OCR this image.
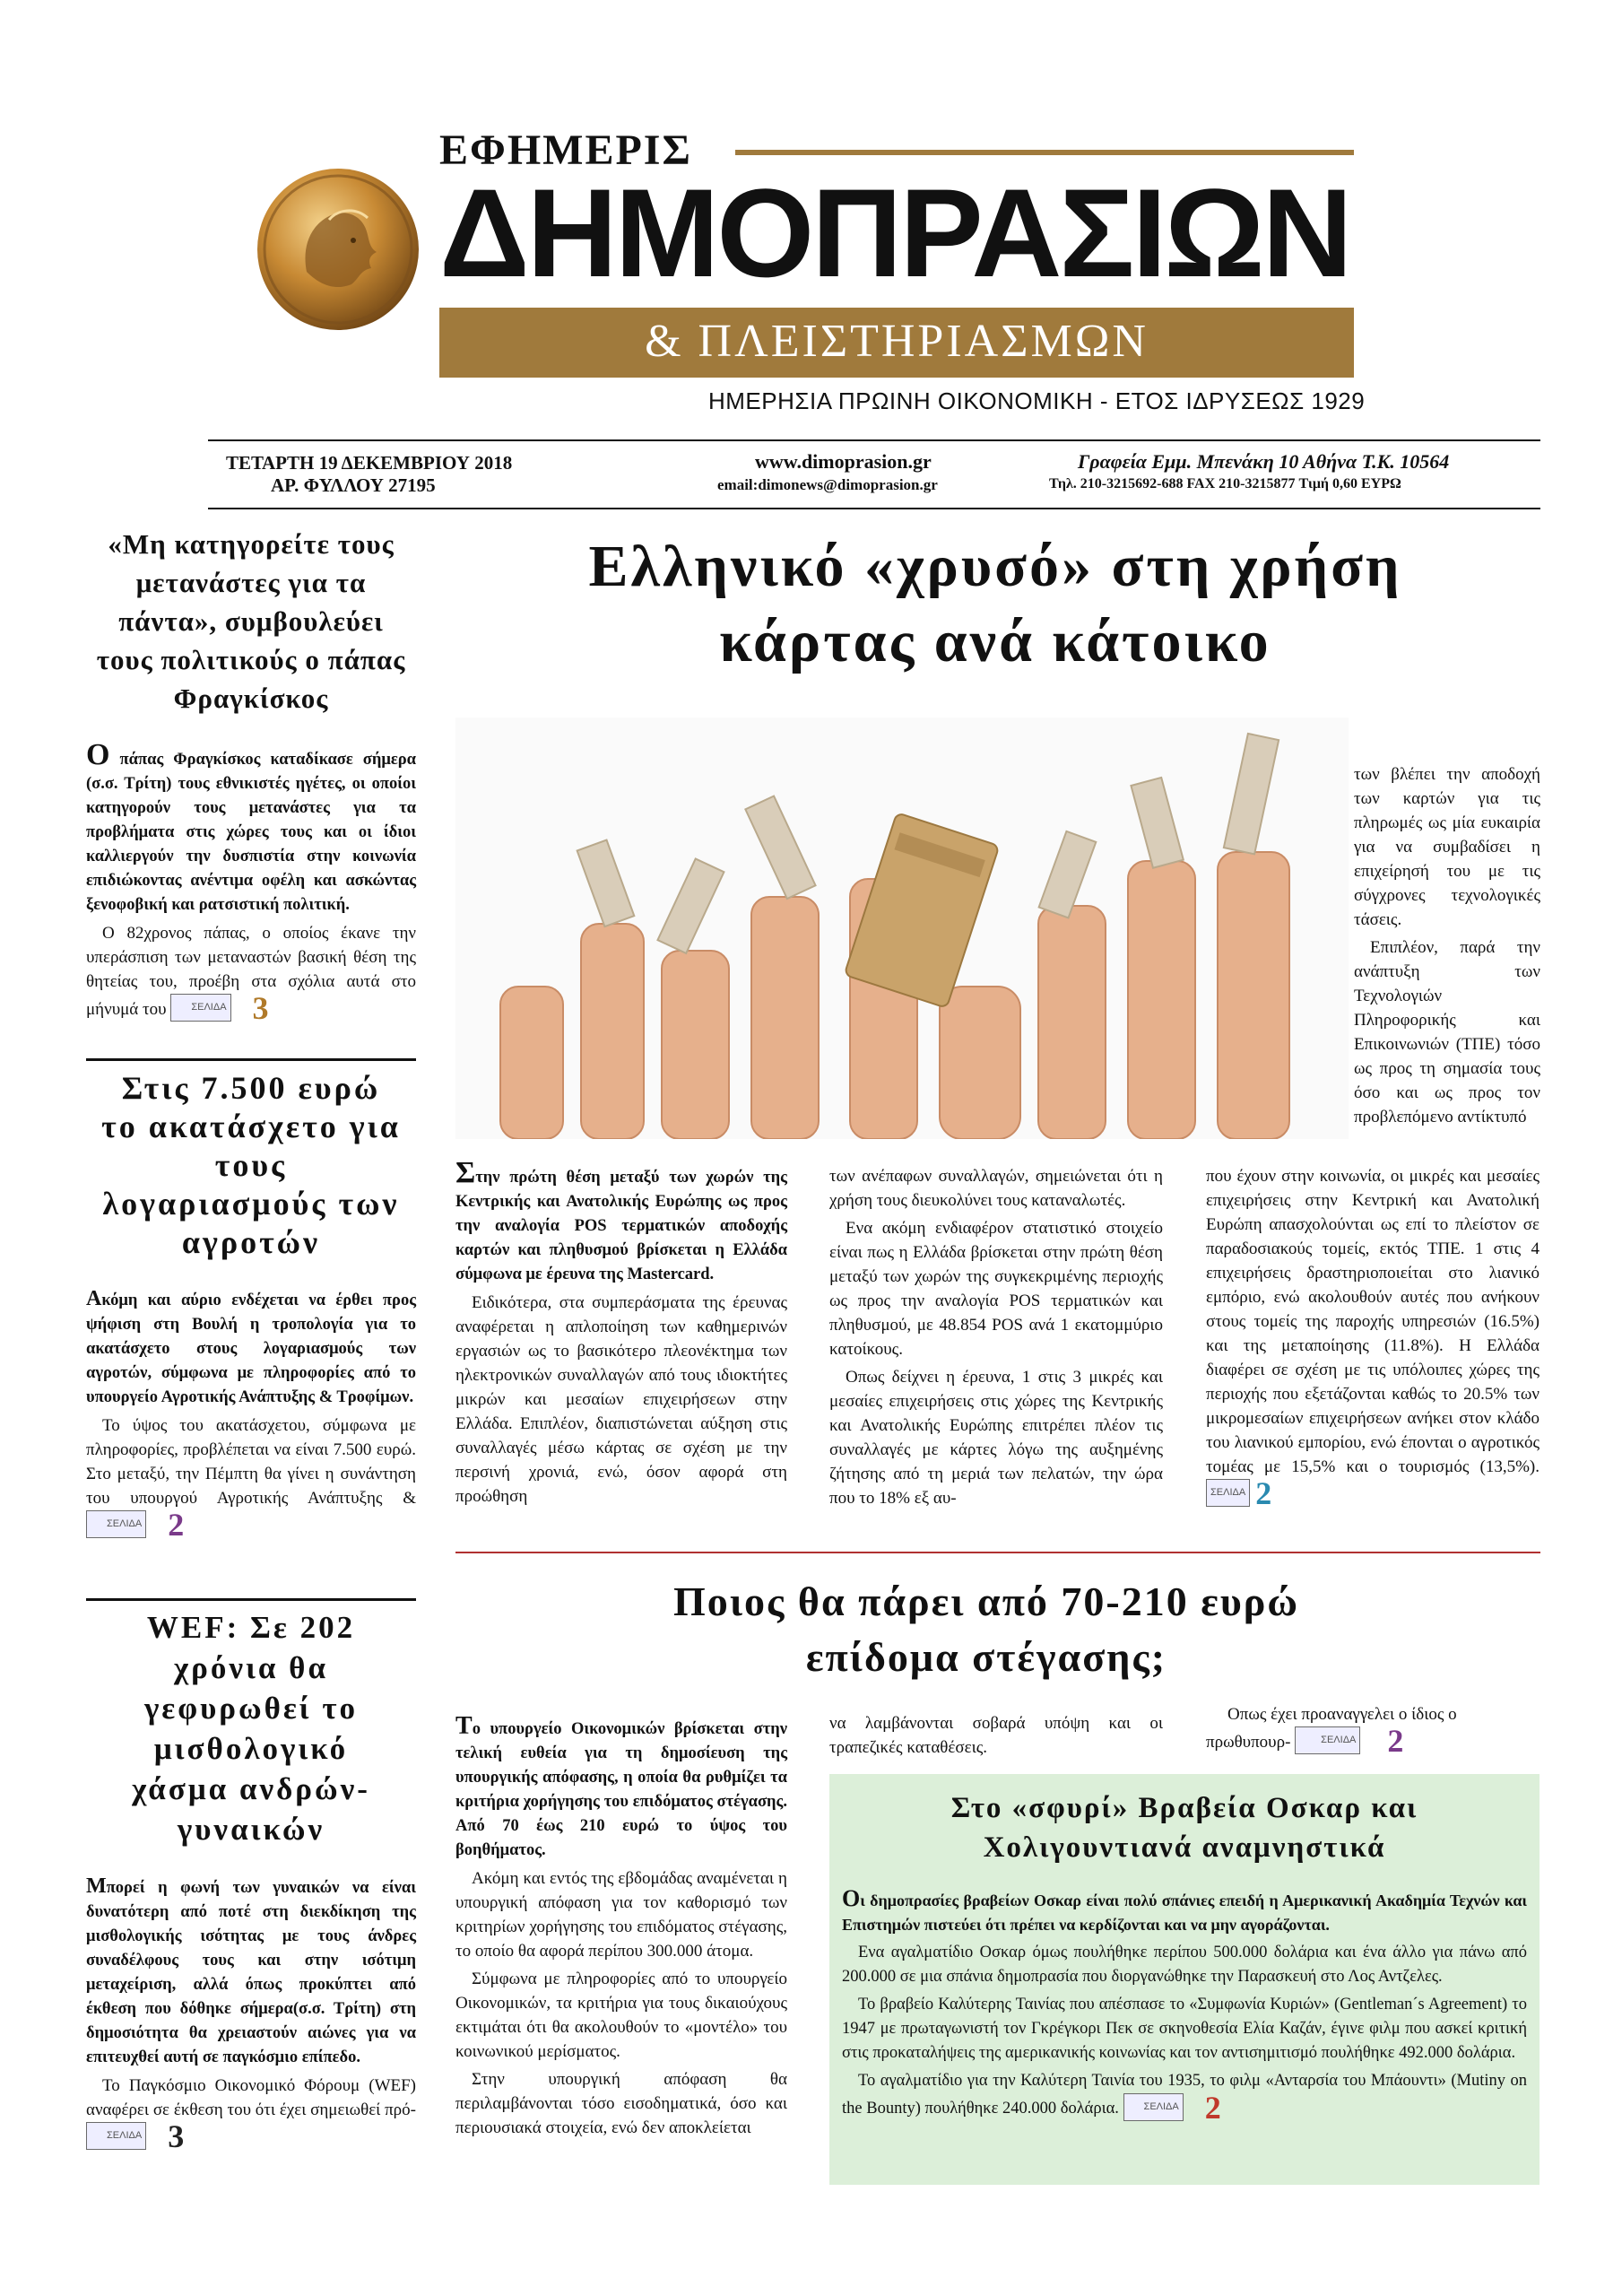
ΕΦΗΜΕΡΙΣ
ΔΗΜΟΠΡΑΣΙΩΝ
& ΠΛΕΙΣΤΗΡΙΑΣΜΩΝ
ΗΜΕΡΗΣΙΑ ΠΡΩΙΝΗ ΟΙΚΟΝΟΜΙΚΗ - ΕΤΟΣ ΙΔΡΥΣΕΩΣ 1929
ΤΕΤΑΡΤΗ 19 ΔΕΚΕΜΒΡΙΟΥ 2018
ΑΡ. ΦΥΛΛΟΥ 27195
www.dimoprasion.gr
email:dimonews@dimoprasion.gr
Γραφεία Εμμ. Μπενάκη 10 Αθήνα Τ.Κ. 10564
Τηλ. 210-3215692-688 FAX 210-3215877 Τιμή 0,60 ΕΥΡΩ
«Μη κατηγορείτε τους μετανάστες για τα πάντα», συμβουλεύει τους πολιτικούς ο πάπας Φραγκίσκος
Ο πάπας Φραγκίσκος καταδίκασε σήμερα (σ.σ. Τρίτη) τους εθνικιστές ηγέτες, οι οποίοι κατηγορούν τους μετανάστες για τα προβλήματα στις χώρες τους και οι ίδιοι καλλιεργούν την δυσπιστία στην κοινωνία επιδιώκοντας ανέντιμα οφέλη και ασκώντας ξενοφοβική και ρατσιστική πολιτική.

Ο 82χρονος πάπας, ο οποίος έκανε την υπεράσπιση των μεταναστών βασική θέση της θητείας του, προέβη στα σχόλια αυτά στο μήνυμά του	ΣΕΛΙΔΑ 3

Στις 7.500 ευρώ το ακατάσχετο για τους λογαριασμούς των αγροτών
Ακόμη και αύριο ενδέχεται να έρθει προς ψήφιση στη Βουλή η τροπολογία για το ακατάσχετο στους λογαριασμούς των αγροτών, σύμφωνα με πληροφορίες από το υπουργείο Αγροτικής Ανάπτυξης & Τροφίμων.

Το ύψος του ακατάσχετου, σύμφωνα με πληροφορίες, προβλέπεται να είναι 7.500 ευρώ. Στο μεταξύ, την Πέμπτη θα γίνει η συνάντηση του υπουργού Αγροτικής Ανάπτυξης &
ΣΕΛΙΔΑ 2

WEF: Σε 202 χρόνια θα γεφυρωθεί το μισθολογικό χάσμα ανδρών-γυναικών
Μπορεί η φωνή των γυναικών να είναι δυνατότερη από ποτέ στη διεκδίκηση της μισθολογικής ισότητας με τους άνδρες συναδέλφους τους και στην ισότιμη μεταχείριση, αλλά όπως προκύπτει από έκθεση που δόθηκε σήμερα(σ.σ. Τρίτη) στη δημοσιότητα θα χρειαστούν αιώνες για να επιτευχθεί αυτή σε παγκόσμιο επίπεδο.

Το Παγκόσμιο Οικονομικό Φόρουμ (WEF) αναφέρει σε έκθεση του ότι έχει σημειωθεί πρό-
ΣΕΛΙΔΑ 3

Ελληνικό «χρυσό» στη χρήση
κάρτας ανά κάτοικο

των βλέπει την αποδοχή των καρτών για τις πληρωμές ως μία ευκαιρία για να συμβαδίσει η επιχείρησή του με τις σύγχρονες τεχνολογικές τάσεις.

Επιπλέον, παρά την ανάπτυξη των Τεχνολογιών Πληροφορικής και Επικοινωνιών (ΤΠΕ) τόσο ως προς τη σημασία τους όσο και ως προς τον προβλεπόμενο αντίκτυπό

Στην πρώτη θέση μεταξύ των χωρών της Κεντρικής και Ανατολικής Ευρώπης ως προς την αναλογία POS τερματικών αποδοχής καρτών και πληθυσμού βρίσκεται η Ελλάδα σύμφωνα με έρευνα της Mastercard.

Ειδικότερα, στα συμπεράσματα της έρευνας αναφέρεται η απλοποίηση των καθημερινών εργασιών ως το βασικότερο πλεονέκτημα των ηλεκτρονικών συναλλαγών από τους ιδιοκτήτες μικρών και μεσαίων επιχειρήσεων στην Ελλάδα. Επιπλέον, διαπιστώνεται αύξηση στις συναλλαγές μέσω κάρτας σε σχέση με την περσινή χρονιά, ενώ, όσον αφορά στη προώθηση

των ανέπαφων συναλλαγών, σημειώνεται ότι η χρήση τους διευκολύνει τους καταναλωτές.

Ενα ακόμη ενδιαφέρον στατιστικό στοιχείο είναι πως η Ελλάδα βρίσκεται στην πρώτη θέση μεταξύ των χωρών της συγκεκριμένης περιοχής ως προς την αναλογία POS τερματικών και πληθυσμού, με 48.854 POS ανά 1 εκατομμύριο κατοίκους.

Οπως δείχνει η έρευνα, 1 στις 3 μικρές και μεσαίες επιχειρήσεις στις χώρες της Κεντρικής και Ανατολικής Ευρώπης επιτρέπει πλέον τις συναλλαγές με κάρτες λόγω της αυξημένης ζήτησης από τη μεριά των πελατών, την ώρα που το 18% εξ αυ-

που έχουν στην κοινωνία, οι μικρές και μεσαίες επιχειρήσεις στην Κεντρική και Ανατολική Ευρώπη απασχολούνται ως επί το πλείστον σε παραδοσιακούς τομείς, εκτός ΤΠΕ. 1 στις 4 επιχειρήσεις δραστηριοποιείται στο λιανικό εμπόριο, ενώ ακολουθούν αυτές που ανήκουν στους τομείς της παροχής υπηρεσιών (16.5%) και της μεταποίησης (11.8%). Η Ελλάδα διαφέρει σε σχέση με τις υπόλοιπες χώρες της περιοχής που εξετάζονται καθώς το 20.5% των μικρομεσαίων επιχειρήσεων ανήκει στον κλάδο του λιανικού εμπορίου, ενώ έπονται ο αγροτικός τομέας με 15,5% και ο τουρισμός (13,5%).
ΣΕΛΙΔΑ 2

Ποιος θα πάρει από 70-210 ευρώ
επίδομα στέγασης;
Το υπουργείο Οικονομικών βρίσκεται στην τελική ευθεία για τη δημοσίευση της υπουργικής απόφασης, η οποία θα ρυθμίζει τα κριτήρια χορήγησης του επιδόματος στέγασης. Από 70 έως 210 ευρώ το ύψος του βοηθήματος.

Ακόμη και εντός της εβδομάδας αναμένεται η υπουργική απόφαση για τον καθορισμό των κριτηρίων χορήγησης του επιδόματος στέγασης, το οποίο θα αφορά περίπου 300.000 άτομα.

Σύμφωνα με πληροφορίες από το υπουργείο Οικονομικών, τα κριτήρια για τους δικαιούχους εκτιμάται ότι θα ακολουθούν το «μοντέλο» του κοινωνικού μερίσματος.

Στην υπουργική απόφαση θα περιλαμβάνονται τόσο εισοδηματικά, όσο και περιουσιακά στοιχεία, ενώ δεν αποκλείεται

να λαμβάνονται σοβαρά υπόψη και οι τραπεζικές καταθέσεις.

Οπως έχει προαναγγελει ο ίδιος ο πρωθυπουρ-	ΣΕΛΙΔΑ 2

Στο «σφυρί» Βραβεία Οσκαρ και
Χολιγουντιανά αναμνηστικά
Οι δημοπρασίες βραβείων Οσκαρ είναι πολύ σπάνιες επειδή η Αμερικανική Ακαδημία Τεχνών και Επιστημών πιστεύει ότι πρέπει να κερδίζονται και να μην αγοράζονται.

Ενα αγαλματίδιο Οσκαρ όμως πουλήθηκε περίπου 500.000 δολάρια και ένα άλλο για πάνω από 200.000 σε μια σπάνια δημοπρασία που διοργανώθηκε την Παρασκευή στο Λος Αντζελες.

Το βραβείο Καλύτερης Ταινίας που απέσπασε το «Συμφωνία Κυριών» (Gentleman´s Agreement) το 1947 με πρωταγωνιστή τον Γκρέγκορι Πεκ σε σκηνοθεσία Ελία Καζάν, έγινε φιλμ που ασκεί κριτική στις προκαταλήψεις της αμερικανικής κοινωνίας και τον αντισημιτισμό πουλήθηκε 492.000 δολάρια.

Το αγαλματίδιο για την Καλύτερη Ταινία του 1935, το φιλμ «Ανταρσία του Μπάουντι» (Mutiny on the Bounty) πουλήθηκε 240.000 δολάρια.	ΣΕΛΙΔΑ 2
